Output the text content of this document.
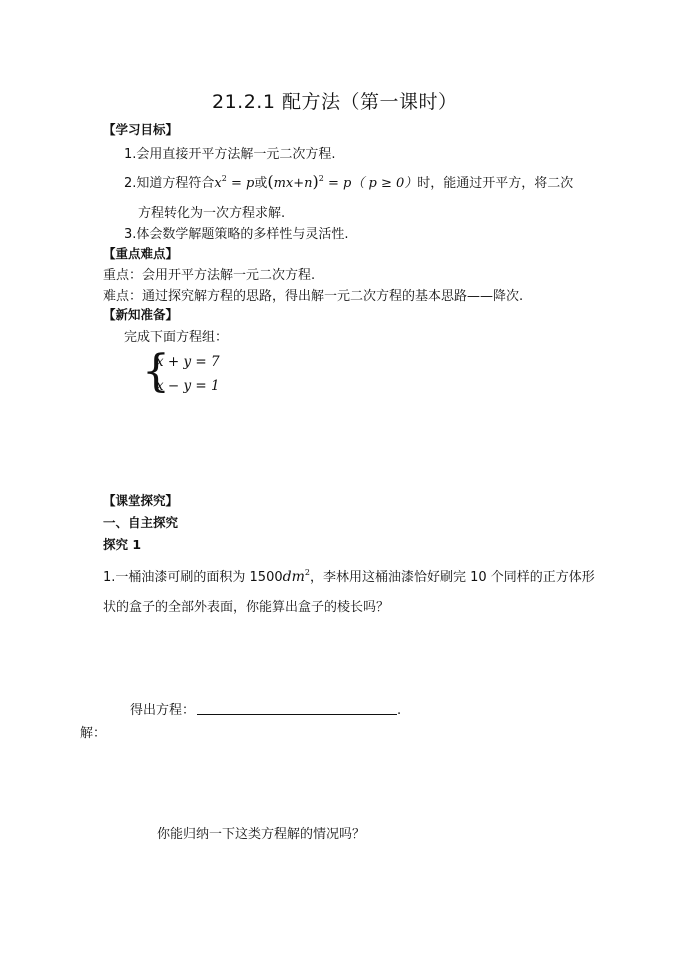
21.2.1 配方法（第一课时）
【学习目标】
1.会用直接开平方法解一元二次方程.
2.知道方程符合$x^2 = p$或$(mx+n)^2 = p$（ p ≥ 0）时，能通过开平方，将二次
方程转化为一次方程求解.
3.体会数学解题策略的多样性与灵活性.
【重点难点】
重点：会用开平方法解一元二次方程.
难点：通过探究解方程的思路，得出解一元二次方程的基本思路——降次.
【新知准备】
完成下面方程组：
{
x + y = 7
x − y = 1
【课堂探究】
一、自主探究
探究 1
1.一桶油漆可刷的面积为 $1500dm^2$，李林用这桶油漆恰好刷完 10 个同样的正方体形
状的盒子的全部外表面，你能算出盒子的棱长吗？
得出方程：	.
解：
你能归纳一下这类方程解的情况吗？
